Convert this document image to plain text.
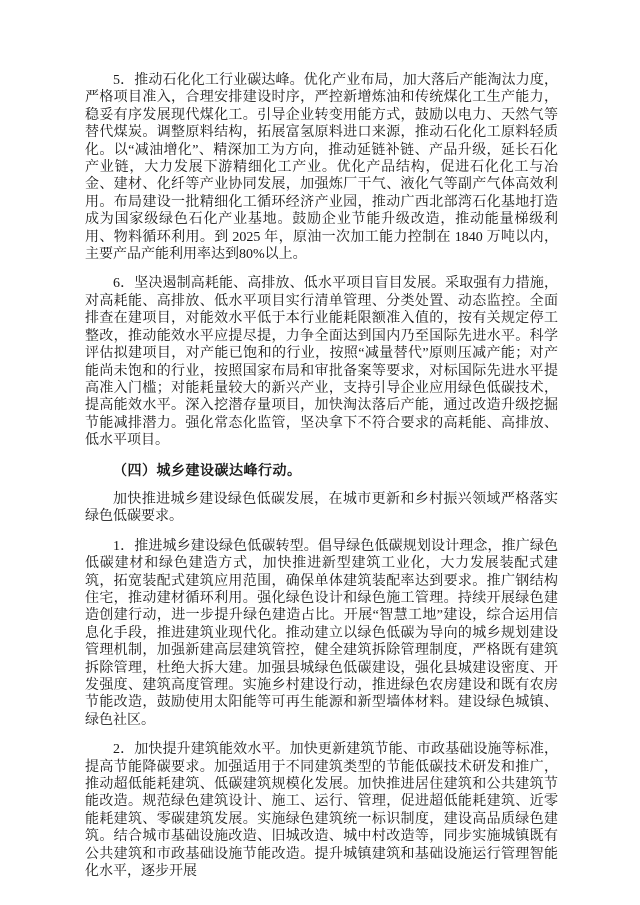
5．推动石化化工行业碳达峰。优化产业布局，加大落后产能淘汰力度，严格项目准入，合理安排建设时序，严控新增炼油和传统煤化工生产能力，稳妥有序发展现代煤化工。引导企业转变用能方式，鼓励以电力、天然气等替代煤炭。调整原料结构，拓展富氢原料进口来源，推动石化化工原料轻质化。以“减油增化”、精深加工为方向，推动延链补链、产品升级，延长石化产业链，大力发展下游精细化工产业。优化产品结构，促进石化化工与冶金、建材、化纤等产业协同发展，加强炼厂干气、液化气等副产气体高效利用。布局建设一批精细化工循环经济产业园，推动广西北部湾石化基地打造成为国家级绿色石化产业基地。鼓励企业节能升级改造，推动能量梯级利用、物料循环利用。到 2025 年，原油一次加工能力控制在 1840 万吨以内，主要产品产能利用率达到80%以上。

6．坚决遏制高耗能、高排放、低水平项目盲目发展。采取强有力措施，对高耗能、高排放、低水平项目实行清单管理、分类处置、动态监控。全面排查在建项目，对能效水平低于本行业能耗限额准入值的，按有关规定停工整改，推动能效水平应提尽提，力争全面达到国内乃至国际先进水平。科学评估拟建项目，对产能已饱和的行业，按照“减量替代”原则压减产能；对产能尚未饱和的行业，按照国家布局和审批备案等要求，对标国际先进水平提高准入门槛；对能耗量较大的新兴产业，支持引导企业应用绿色低碳技术，提高能效水平。深入挖潜存量项目，加快淘汰落后产能，通过改造升级挖掘节能减排潜力。强化常态化监管，坚决拿下不符合要求的高耗能、高排放、低水平项目。

（四）城乡建设碳达峰行动。

加快推进城乡建设绿色低碳发展，在城市更新和乡村振兴领域严格落实绿色低碳要求。

1．推进城乡建设绿色低碳转型。倡导绿色低碳规划设计理念，推广绿色低碳建材和绿色建造方式，加快推进新型建筑工业化，大力发展装配式建筑，拓宽装配式建筑应用范围，确保单体建筑装配率达到要求。推广钢结构住宅，推动建材循环利用。强化绿色设计和绿色施工管理。持续开展绿色建造创建行动，进一步提升绿色建造占比。开展“智慧工地”建设，综合运用信息化手段，推进建筑业现代化。推动建立以绿色低碳为导向的城乡规划建设管理机制，加强新建高层建筑管控，健全建筑拆除管理制度，严格既有建筑拆除管理，杜绝大拆大建。加强县城绿色低碳建设，强化县城建设密度、开发强度、建筑高度管理。实施乡村建设行动，推进绿色农房建设和既有农房节能改造，鼓励使用太阳能等可再生能源和新型墙体材料。建设绿色城镇、绿色社区。

2．加快提升建筑能效水平。加快更新建筑节能、市政基础设施等标准，提高节能降碳要求。加强适用于不同建筑类型的节能低碳技术研发和推广，推动超低能耗建筑、低碳建筑规模化发展。加快推进居住建筑和公共建筑节能改造。规范绿色建筑设计、施工、运行、管理，促进超低能耗建筑、近零能耗建筑、零碳建筑发展。实施绿色建筑统一标识制度，建设高品质绿色建筑。结合城市基础设施改造、旧城改造、城中村改造等，同步实施城镇既有公共建筑和市政基础设施节能改造。提升城镇建筑和基础设施运行管理智能化水平，逐步开展
